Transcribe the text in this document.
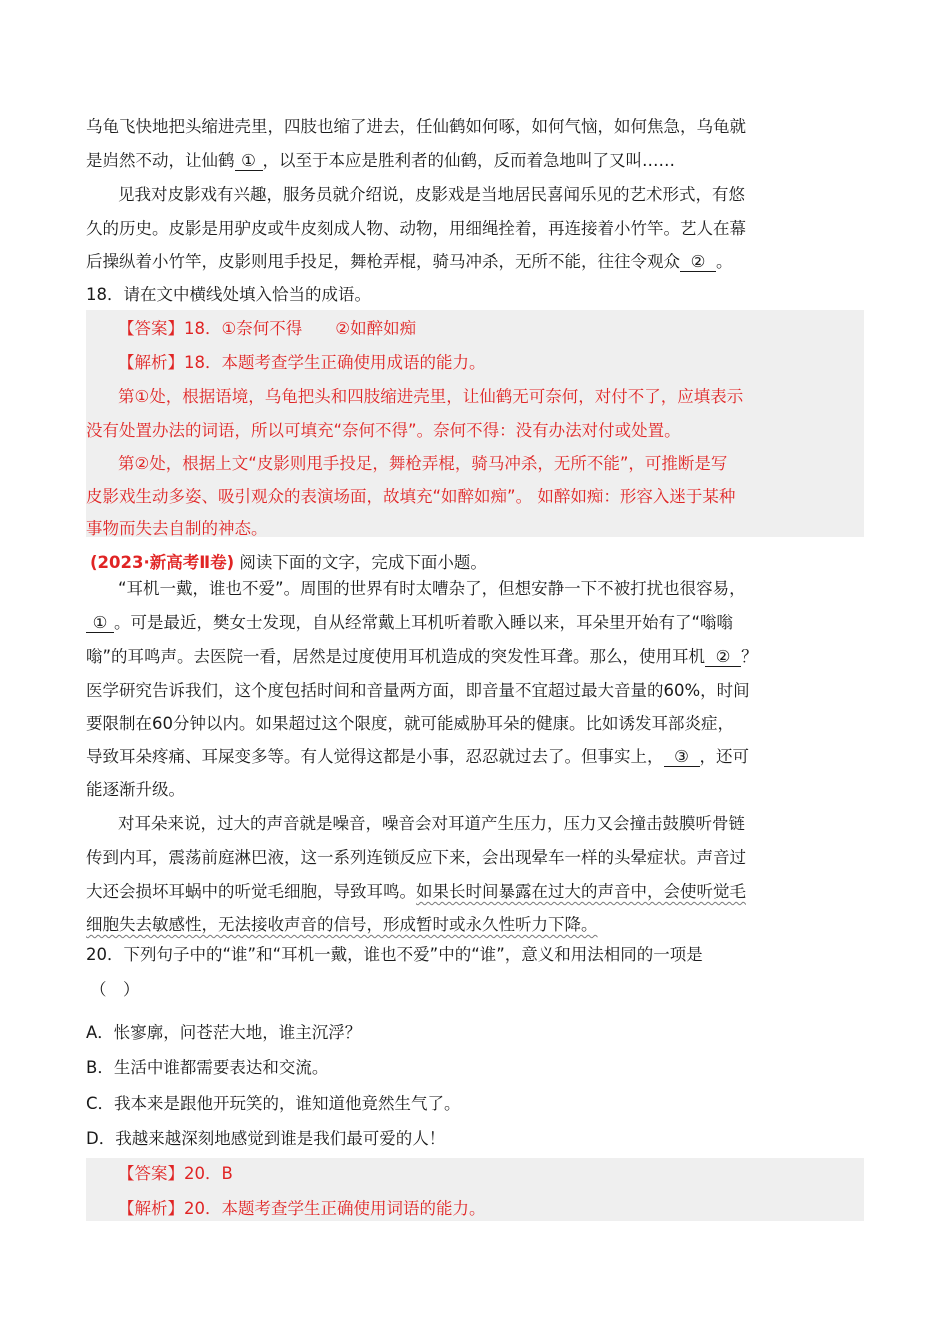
乌龟飞快地把头缩进壳里，四肢也缩了进去，任仙鹤如何啄，如何气恼，如何焦急，乌龟就
是岿然不动，让仙鹤 ① ，以至于本应是胜利者的仙鹤，反而着急地叫了又叫……
见我对皮影戏有兴趣，服务员就介绍说，皮影戏是当地居民喜闻乐见的艺术形式，有悠
久的历史。皮影是用驴皮或牛皮刻成人物、动物，用细绳拴着，再连接着小竹竿。艺人在幕
后操纵着小竹竿，皮影则甩手投足，舞枪弄棍，骑马冲杀，无所不能，往往令观众 ② 。
18．请在文中横线处填入恰当的成语。
【答案】18．①奈何不得　　②如醉如痴
【解析】18．本题考查学生正确使用成语的能力。
第①处，根据语境，乌龟把头和四肢缩进壳里，让仙鹤无可奈何，对付不了，应填表示
没有处置办法的词语，所以可填充“奈何不得”。奈何不得：没有办法对付或处置。
第②处，根据上文“皮影则甩手投足，舞枪弄棍，骑马冲杀，无所不能”，可推断是写
皮影戏生动多姿、吸引观众的表演场面，故填充“如醉如痴”。 如醉如痴：形容入迷于某种
事物而失去自制的神态。
(2023·新高考Ⅱ卷) 阅读下面的文字，完成下面小题。
“耳机一戴，谁也不爱”。周围的世界有时太嘈杂了，但想安静一下不被打扰也很容易，
① 。可是最近，樊女士发现，自从经常戴上耳机听着歌入睡以来，耳朵里开始有了“嗡嗡
嗡”的耳鸣声。去医院一看，居然是过度使用耳机造成的突发性耳聋。那么，使用耳机 ② ？
医学研究告诉我们，这个度包括时间和音量两方面，即音量不宜超过最大音量的60%，时间
要限制在60分钟以内。如果超过这个限度，就可能威胁耳朵的健康。比如诱发耳部炎症，
导致耳朵疼痛、耳屎变多等。有人觉得这都是小事，忍忍就过去了。但事实上， ③ ，还可
能逐渐升级。
对耳朵来说，过大的声音就是噪音，噪音会对耳道产生压力，压力又会撞击鼓膜听骨链
传到内耳，震荡前庭淋巴液，这一系列连锁反应下来，会出现晕车一样的头晕症状。声音过
大还会损坏耳蜗中的听觉毛细胞，导致耳鸣。如果长时间暴露在过大的声音中，会使听觉毛
细胞失去敏感性，无法接收声音的信号，形成暂时或永久性听力下降。
20．下列句子中的“谁”和“耳机一戴，谁也不爱”中的“谁”，意义和用法相同的一项是
（　）
A．怅寥廓，问苍茫大地，谁主沉浮？
B．生活中谁都需要表达和交流。
C．我本来是跟他开玩笑的，谁知道他竟然生气了。
D．我越来越深刻地感觉到谁是我们最可爱的人！
【答案】20．B
【解析】20．本题考查学生正确使用词语的能力。
